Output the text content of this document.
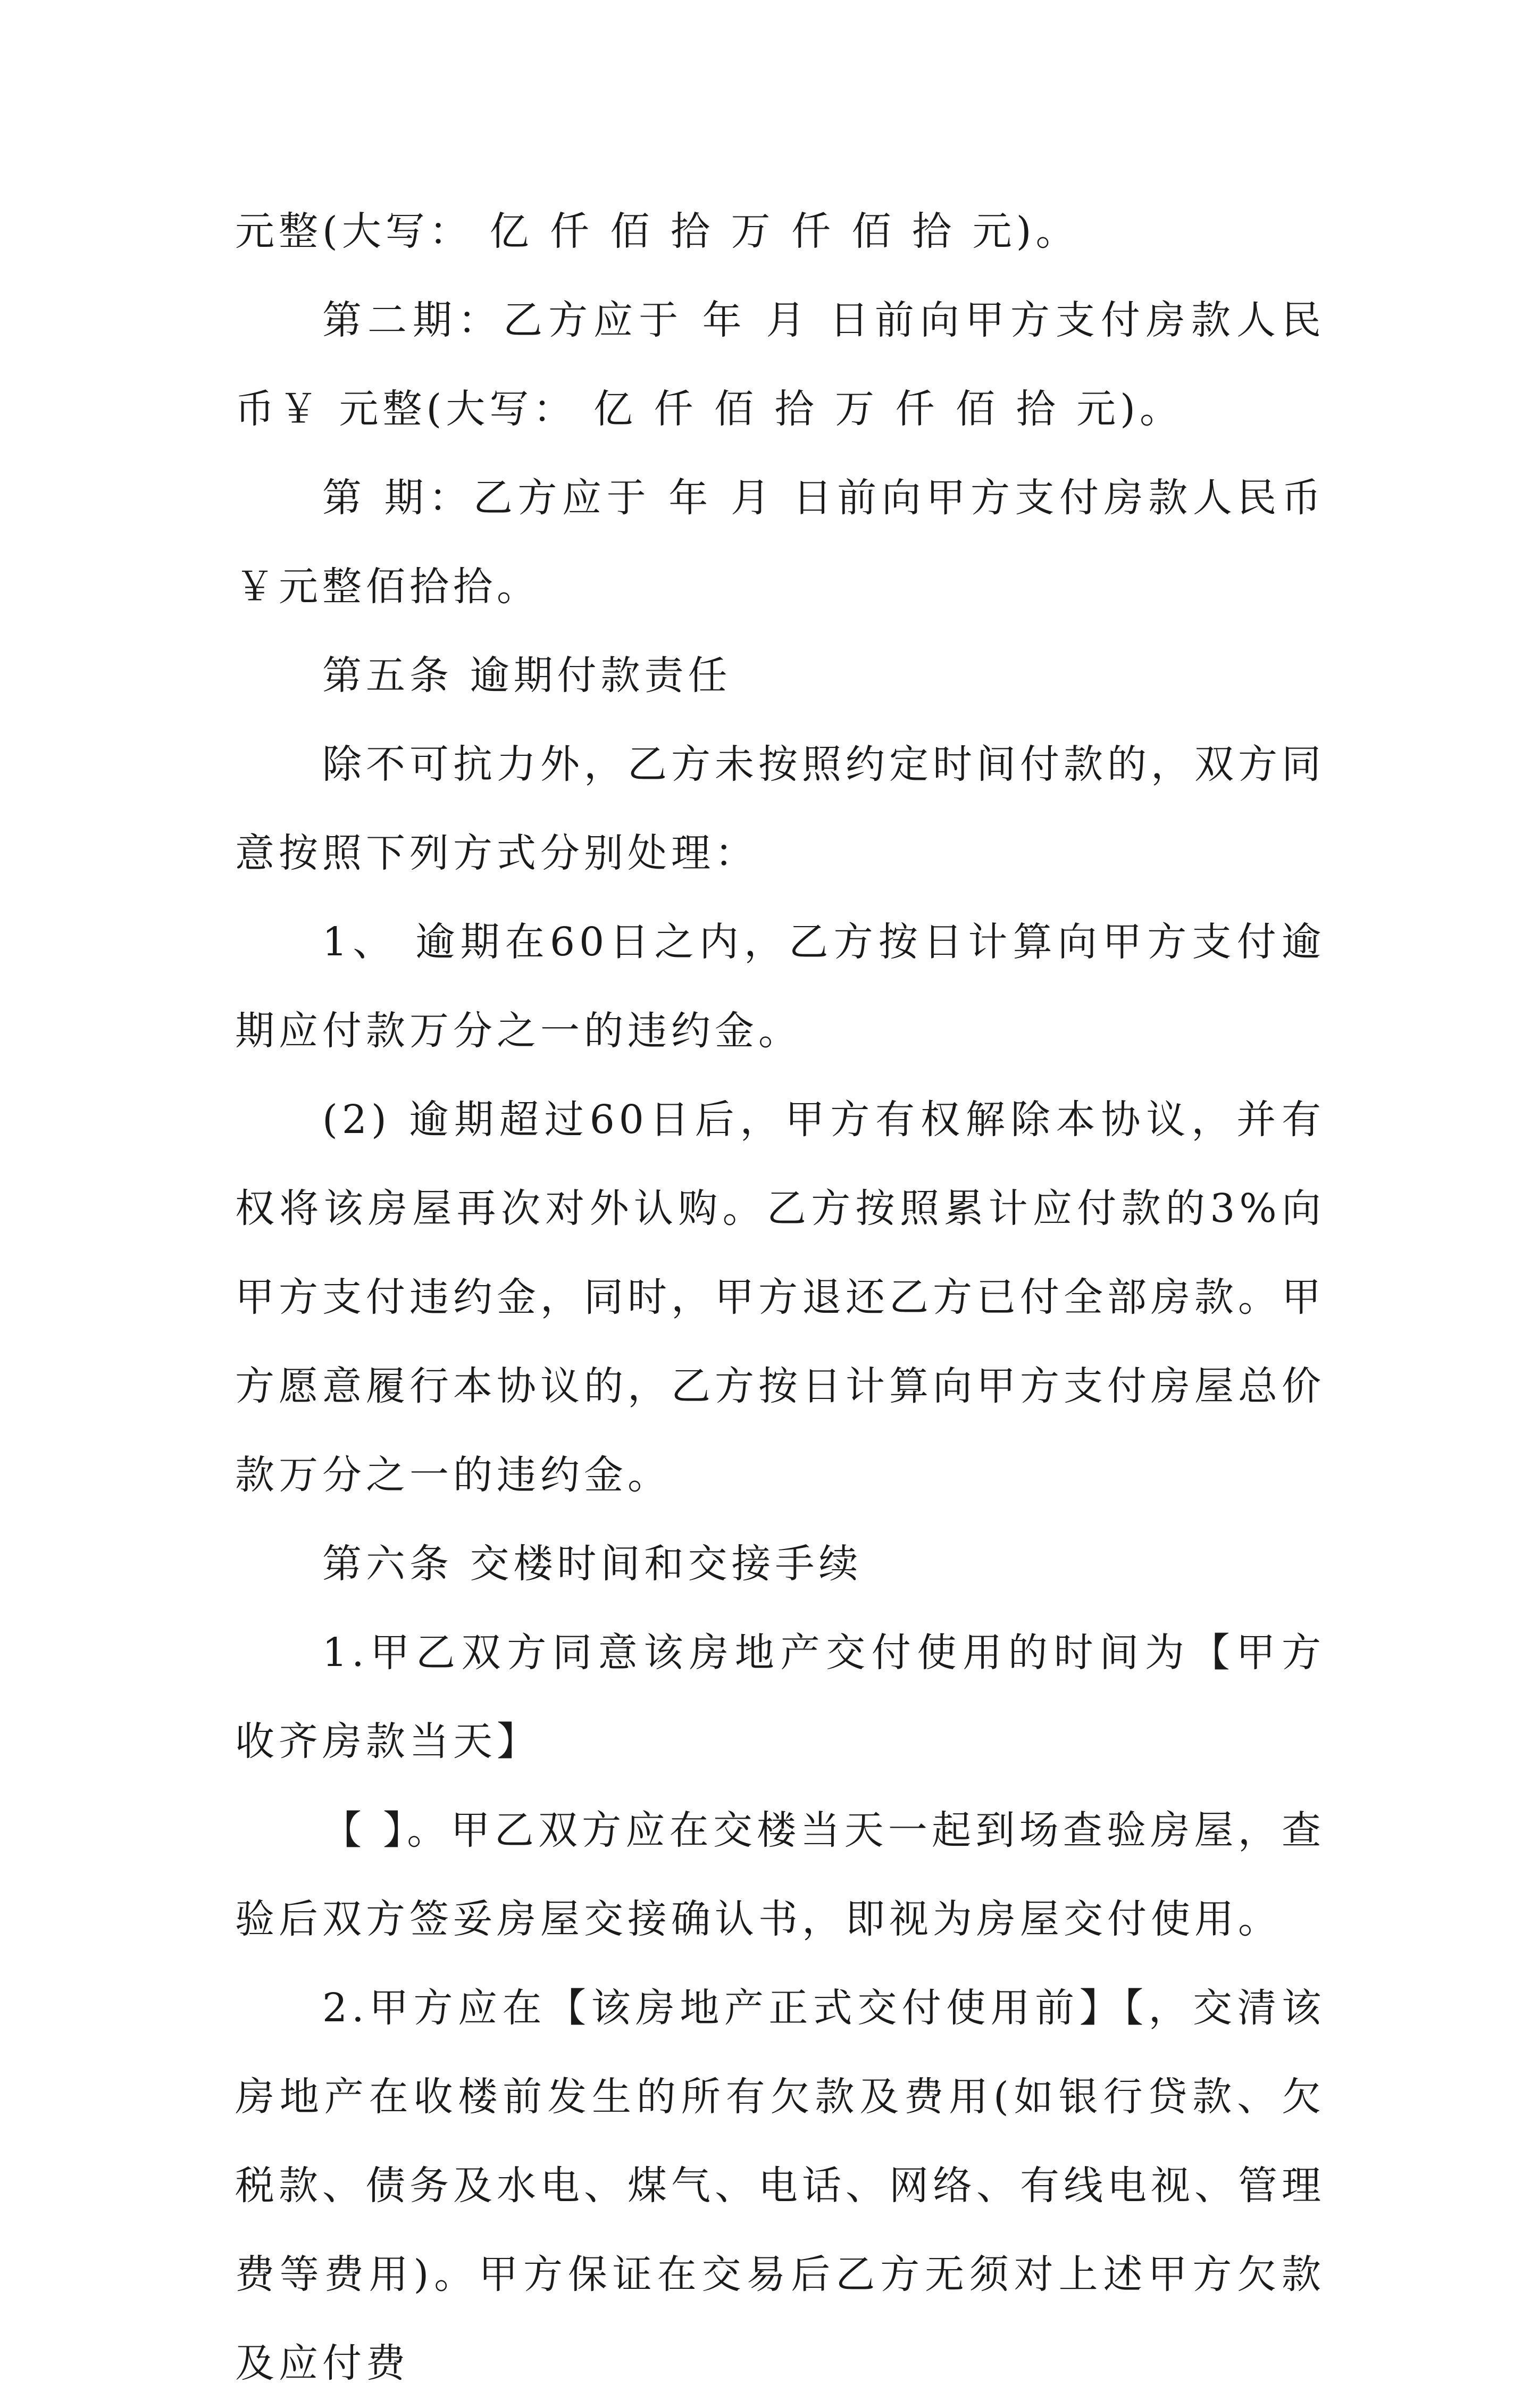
元整(大写： 亿 仟 佰 拾 万 仟 佰 拾 元)。

第二期：乙方应于 年 月 日前向甲方支付房款人民币￥ 元整(大写： 亿 仟 佰 拾 万 仟 佰 拾 元)。

第 期：乙方应于 年 月 日前向甲方支付房款人民币￥元整佰拾拾。

第五条 逾期付款责任

除不可抗力外，乙方未按照约定时间付款的，双方同意按照下列方式分别处理：

1、 逾期在60日之内，乙方按日计算向甲方支付逾期应付款万分之一的违约金。

(2) 逾期超过60日后，甲方有权解除本协议，并有权将该房屋再次对外认购。乙方按照累计应付款的3%向甲方支付违约金，同时，甲方退还乙方已付全部房款。甲方愿意履行本协议的，乙方按日计算向甲方支付房屋总价款万分之一的违约金。

第六条 交楼时间和交接手续

1.甲乙双方同意该房地产交付使用的时间为【甲方收齐房款当天】

【 】。甲乙双方应在交楼当天一起到场查验房屋，查验后双方签妥房屋交接确认书，即视为房屋交付使用。

2.甲方应在【该房地产正式交付使用前】【，交清该房地产在收楼前发生的所有欠款及费用(如银行贷款、欠税款、债务及水电、煤气、电话、网络、有线电视、管理费等费用)。甲方保证在交易后乙方无须对上述甲方欠款及应付费
